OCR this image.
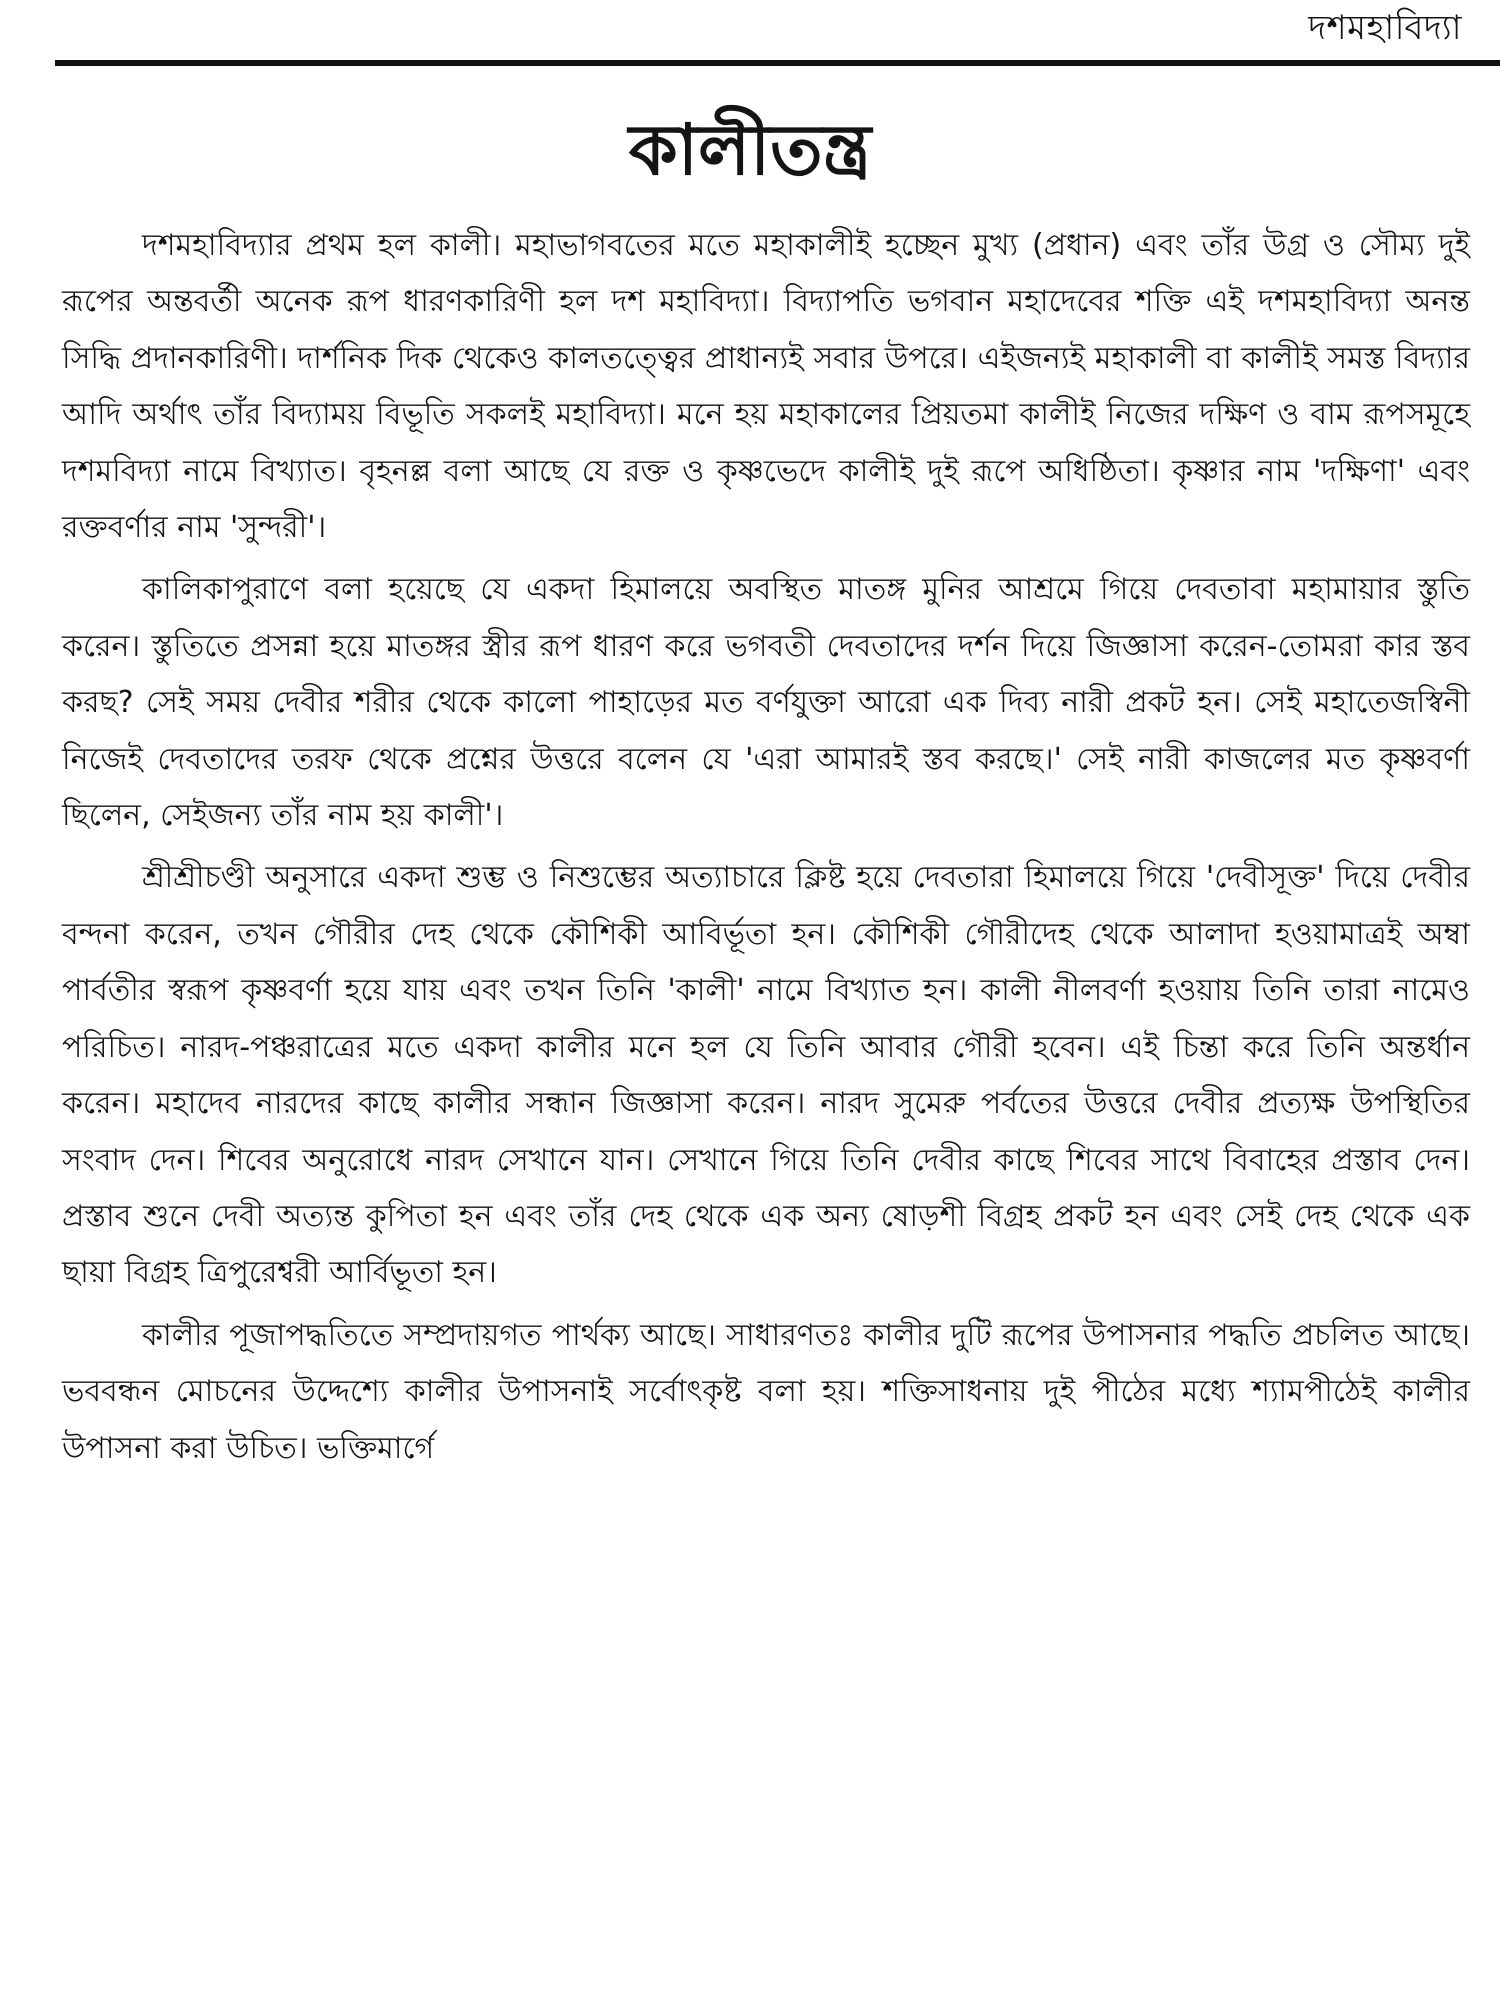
দশমহাবিদ্যা
কালীতন্ত্র

দশমহাবিদ্যার প্রথম হল কালী। মহাভাগবতের মতে মহাকালীই হচ্ছেন মুখ্য (প্রধান) এবং তাঁর উগ্র ও সৌম্য দুই রূপের অন্তবর্তী অনেক রূপ ধারণকারিণী হল দশ মহাবিদ্যা। বিদ্যাপতি ভগবান মহাদেবের শক্তি এই দশমহাবিদ্যা অনন্ত সিদ্ধি প্রদানকারিণী। দার্শনিক দিক থেকেও কালতত্ত্বের প্রাধান্যই সবার উপরে। এইজন্যই মহাকালী বা কালীই সমস্ত বিদ্যার আদি অর্থাৎ তাঁর বিদ্যাময় বিভূতি সকলই মহাবিদ্যা। মনে হয় মহাকালের প্রিয়তমা কালীই নিজের দক্ষিণ ও বাম রূপসমূহে দশমবিদ্যা নামে বিখ্যাত। বৃহনল্ল বলা আছে যে রক্ত ও কৃষ্ণভেদে কালীই দুই রূপে অধিষ্ঠিতা। কৃষ্ণার নাম 'দক্ষিণা' এবং রক্তবর্ণার নাম 'সুন্দরী'।

কালিকাপুরাণে বলা হয়েছে যে একদা হিমালয়ে অবস্থিত মাতঙ্গ মুনির আশ্রমে গিয়ে দেবতাবা মহামায়ার স্তুতি করেন। স্তুতিতে প্রসন্না হয়ে মাতঙ্গর স্ত্রীর রূপ ধারণ করে ভগবতী দেবতাদের দর্শন দিয়ে জিজ্ঞাসা করেন-তোমরা কার স্তব করছ? সেই সময় দেবীর শরীর থেকে কালো পাহাড়ের মত বর্ণযুক্তা আরো এক দিব্য নারী প্রকট হন। সেই মহাতেজস্বিনী নিজেই দেবতাদের তরফ থেকে প্রশ্নের উত্তরে বলেন যে 'এরা আমারই স্তব করছে।' সেই নারী কাজলের মত কৃষ্ণবর্ণা ছিলেন, সেইজন্য তাঁর নাম হয় কালী'।

শ্রীশ্রীচণ্ডী অনুসারে একদা শুম্ভ ও নিশুম্ভের অত্যাচারে ক্লিষ্ট হয়ে দেবতারা হিমালয়ে গিয়ে 'দেবীসূক্ত' দিয়ে দেবীর বন্দনা করেন, তখন গৌরীর দেহ থেকে কৌশিকী আবির্ভূতা হন। কৌশিকী গৌরীদেহ থেকে আলাদা হওয়ামাত্রই অম্বা পার্বতীর স্বরূপ কৃষ্ণবর্ণা হয়ে যায় এবং তখন তিনি 'কালী' নামে বিখ্যাত হন। কালী নীলবর্ণা হওয়ায় তিনি তারা নামেও পরিচিত। নারদ-পঞ্চরাত্রের মতে একদা কালীর মনে হল যে তিনি আবার গৌরী হবেন। এই চিন্তা করে তিনি অন্তর্ধান করেন। মহাদেব নারদের কাছে কালীর সন্ধান জিজ্ঞাসা করেন। নারদ সুমেরু পর্বতের উত্তরে দেবীর প্রত্যক্ষ উপস্থিতির সংবাদ দেন। শিবের অনুরোধে নারদ সেখানে যান। সেখানে গিয়ে তিনি দেবীর কাছে শিবের সাথে বিবাহের প্রস্তাব দেন। প্রস্তাব শুনে দেবী অত্যন্ত কুপিতা হন এবং তাঁর দেহ থেকে এক অন্য ষোড়শী বিগ্রহ প্রকট হন এবং সেই দেহ থেকে এক ছায়া বিগ্রহ ত্রিপুরেশ্বরী আর্বিভূতা হন।

কালীর পূজাপদ্ধতিতে সম্প্রদায়গত পার্থক্য আছে। সাধারণতঃ কালীর দুটি রূপের উপাসনার পদ্ধতি প্রচলিত আছে। ভববন্ধন মোচনের উদ্দেশ্যে কালীর উপাসনাই সর্বোৎকৃষ্ট বলা হয়। শক্তিসাধনায় দুই পীঠের মধ্যে শ্যামপীঠেই কালীর উপাসনা করা উচিত। ভক্তিমার্গে
